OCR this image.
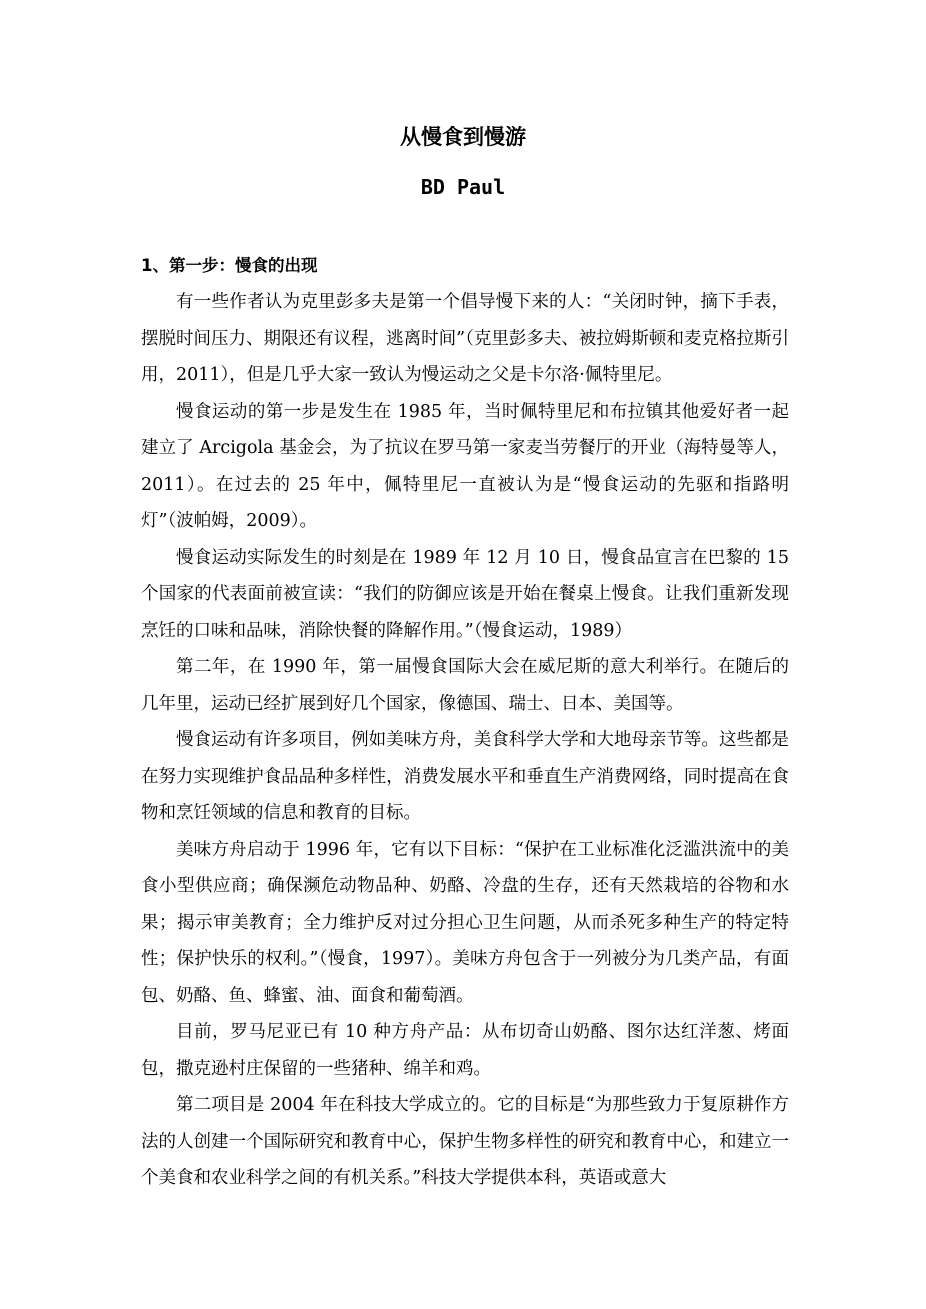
从慢食到慢游
BD Paul
1、第一步：慢食的出现

有一些作者认为克里彭多夫是第一个倡导慢下来的人：“关闭时钟，摘下手表，摆脱时间压力、期限还有议程，逃离时间”（克里彭多夫、被拉姆斯顿和麦克格拉斯引用，2011），但是几乎大家一致认为慢运动之父是卡尔洛·佩特里尼。

慢食运动的第一步是发生在 1985 年，当时佩特里尼和布拉镇其他爱好者一起建立了 Arcigola 基金会，为了抗议在罗马第一家麦当劳餐厅的开业（海特曼等人，2011）。在过去的 25 年中，佩特里尼一直被认为是“慢食运动的先驱和指路明灯”（波帕姆，2009）。

慢食运动实际发生的时刻是在 1989 年 12 月 10 日，慢食品宣言在巴黎的 15 个国家的代表面前被宣读：“我们的防御应该是开始在餐桌上慢食。让我们重新发现烹饪的口味和品味，消除快餐的降解作用。”（慢食运动，1989）

第二年，在 1990 年，第一届慢食国际大会在威尼斯的意大利举行。在随后的几年里，运动已经扩展到好几个国家，像德国、瑞士、日本、美国等。

慢食运动有许多项目，例如美味方舟，美食科学大学和大地母亲节等。这些都是在努力实现维护食品品种多样性，消费发展水平和垂直生产消费网络，同时提高在食物和烹饪领域的信息和教育的目标。

美味方舟启动于 1996 年，它有以下目标：“保护在工业标准化泛滥洪流中的美食小型供应商；确保濒危动物品种、奶酪、冷盘的生存，还有天然栽培的谷物和水果；揭示审美教育；全力维护反对过分担心卫生问题，从而杀死多种生产的特定特性；保护快乐的权利。”（慢食，1997）。美味方舟包含于一列被分为几类产品，有面包、奶酪、鱼、蜂蜜、油、面食和葡萄酒。

目前，罗马尼亚已有 10 种方舟产品：从布切奇山奶酪、图尔达红洋葱、烤面包，撒克逊村庄保留的一些猪种、绵羊和鸡。

第二项目是 2004 年在科技大学成立的。它的目标是“为那些致力于复原耕作方法的人创建一个国际研究和教育中心，保护生物多样性的研究和教育中心，和建立一个美食和农业科学之间的有机关系。”科技大学提供本科，英语或意大
